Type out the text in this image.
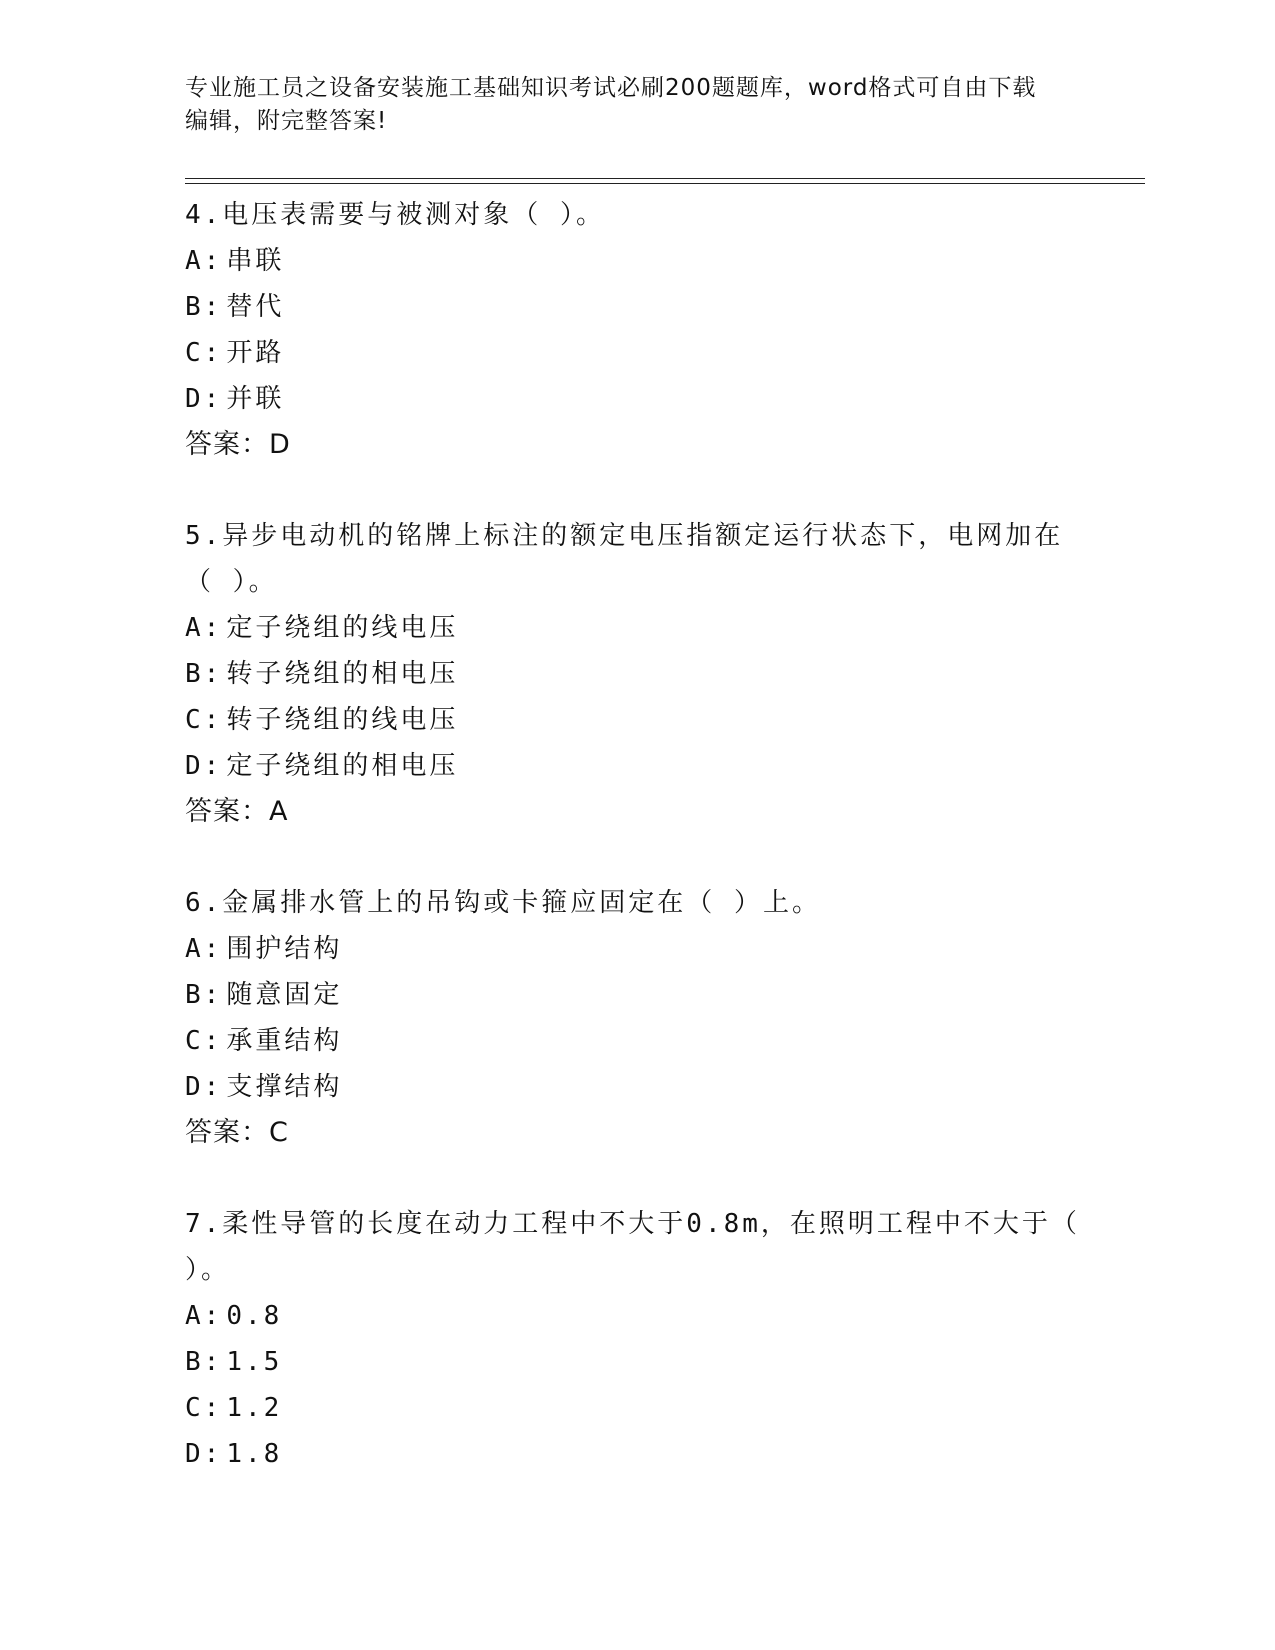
专业施工员之设备安装施工基础知识考试必刷200题题库，word格式可自由下载
编辑，附完整答案!
4.电压表需要与被测对象（ ）。
A: 串联
B: 替代
C: 开路
D: 并联
答案：D
5.异步电动机的铭牌上标注的额定电压指额定运行状态下，电网加在（ ）。
A: 定子绕组的线电压
B: 转子绕组的相电压
C: 转子绕组的线电压
D: 定子绕组的相电压
答案：A
6.金属排水管上的吊钩或卡箍应固定在（ ）上。
A: 围护结构
B: 随意固定
C: 承重结构
D: 支撑结构
答案：C
7.柔性导管的长度在动力工程中不大于0.8m，在照明工程中不大于（ ）。
A: 0.8
B: 1.5
C: 1.2
D: 1.8
